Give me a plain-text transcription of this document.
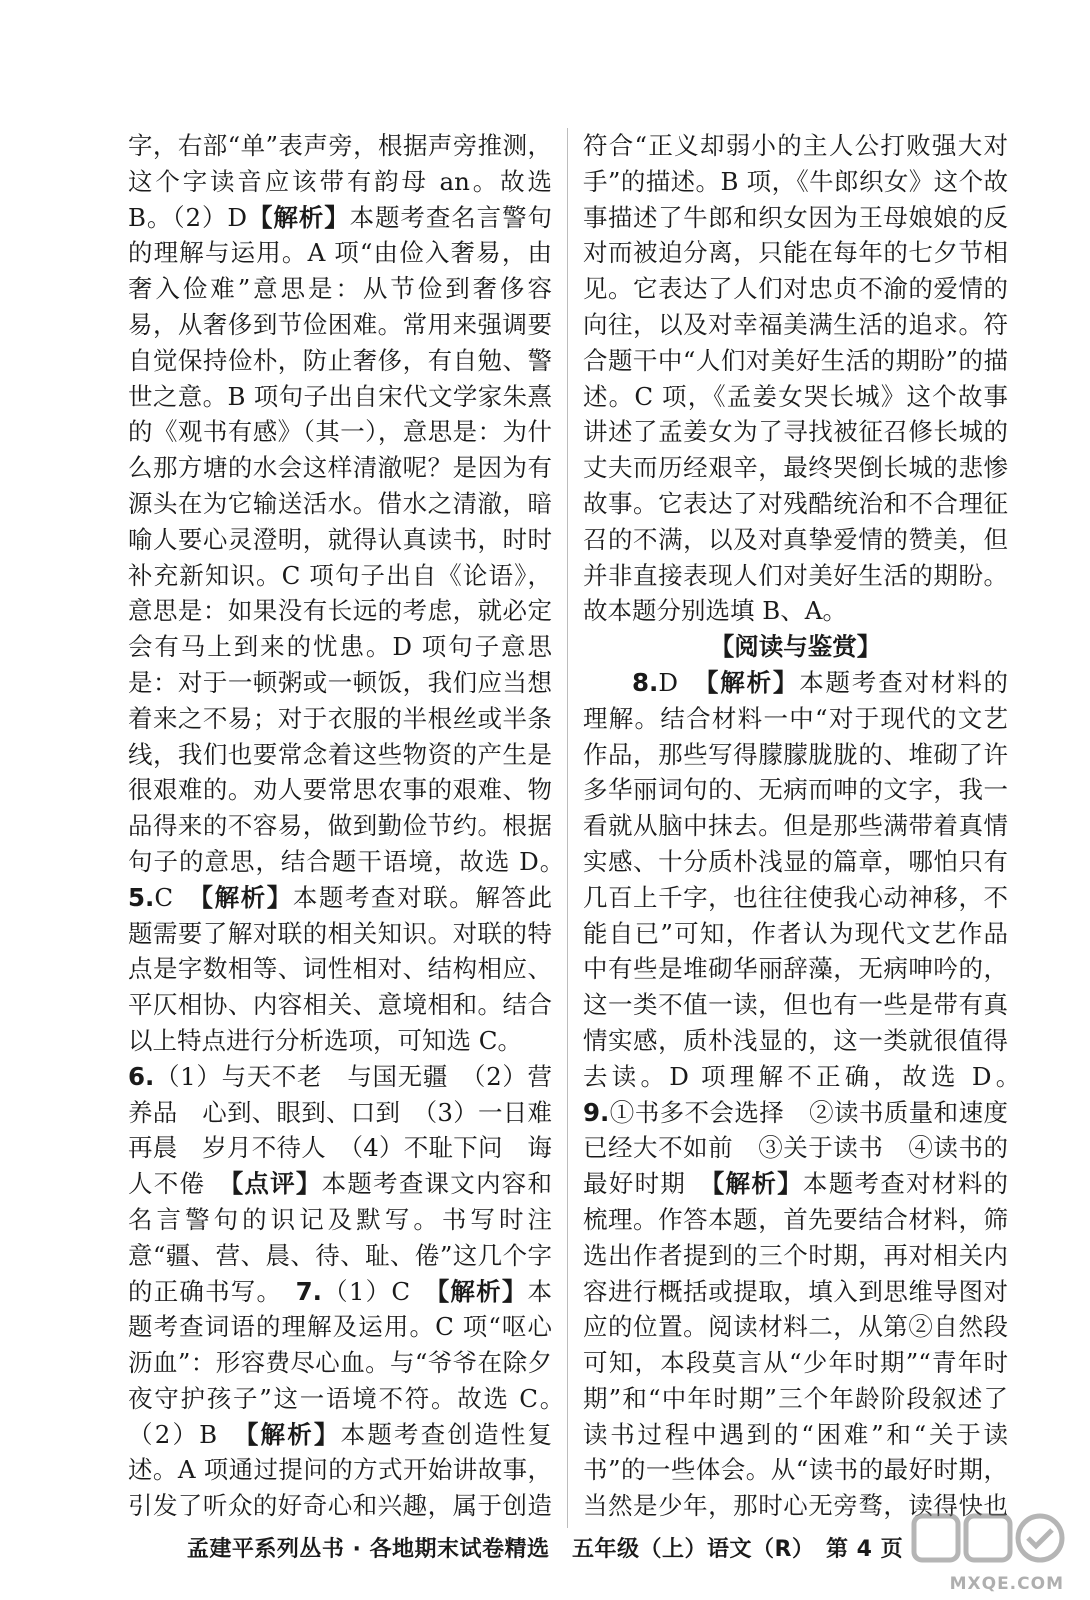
字，右部“单”表声旁，根据声旁推测，这个字读音应该带有韵母 an。故选 B。（2）D【解析】本题考查名言警句的理解与运用。A 项“由俭入奢易，由奢入俭难”意思是：从节俭到奢侈容易，从奢侈到节俭困难。常用来强调要自觉保持俭朴，防止奢侈，有自勉、警世之意。B 项句子出自宋代文学家朱熹的《观书有感》（其一），意思是：为什么那方塘的水会这样清澈呢？是因为有源头在为它输送活水。借水之清澈，暗喻人要心灵澄明，就得认真读书，时时补充新知识。C 项句子出自《论语》，意思是：如果没有长远的考虑，就必定会有马上到来的忧患。D 项句子意思是：对于一顿粥或一顿饭，我们应当想着来之不易；对于衣服的半根丝或半条线，我们也要常念着这些物资的产生是很艰难的。劝人要常思农事的艰难、物品得来的不容易，做到勤俭节约。根据句子的意思，结合题干语境，故选 D。　5.C　 【解析】本题考查对联。解答此题需要了解对联的相关知识。对联的特点是字数相等、词性相对、结构相应、平仄相协、内容相关、意境相和。结合以上特点进行分析选项，可知选 C。

6.（1）与天不老　与国无疆　（2）营养品　心到、眼到、口到　（3）一日难再晨　岁月不待人　（4）不耻下问　诲人不倦　 【点评】本题考查课文内容和名言警句的识记及默写。书写时注意“疆、营、晨、待、耻、倦”这几个字的正确书写。　 7.（1）C　 【解析】本题考查词语的理解及运用。C 项“呕心沥血”：形容费尽心血。与“爷爷在除夕夜守护孩子”这一语境不符。故选 C。　（2）B　 【解析】本题考查创造性复述。A 项通过提问的方式开始讲故事，引发了听众的好奇心和兴趣，属于创造 　　

符合“正义却弱小的主人公打败强大对手”的描述。B 项，《牛郎织女》这个故事描述了牛郎和织女因为王母娘娘的反对而被迫分离，只能在每年的七夕节相见。它表达了人们对忠贞不渝的爱情的向往，以及对幸福美满生活的追求。符合题干中“人们对美好生活的期盼”的描述。C 项，《孟姜女哭长城》这个故事讲述了孟姜女为了寻找被征召修长城的丈夫而历经艰辛，最终哭倒长城的悲惨故事。它表达了对残酷统治和不合理征召的不满，以及对真挚爱情的赞美，但并非直接表现人们对美好生活的期盼。故本题分别选填 B、A。

【阅读与鉴赏】

8.D　 【解析】本题考查对材料的理解。结合材料一中“对于现代的文艺作品，那些写得朦朦胧胧的、堆砌了许多华丽词句的、无病而呻的文字，我一看就从脑中抹去。但是那些满带着真情实感、十分质朴浅显的篇章，哪怕只有几百上千字，也往往使我心动神移，不能自已”可知，作者认为现代文艺作品中有些是堆砌华丽辞藻，无病呻吟的，这一类不值一读，但也有一些是带有真情实感，质朴浅显的，这一类就很值得去读。D 项理解不正确，故选 D。　9.①书多不会选择　②读书质量和速度已经大不如前　③关于读书　④读书的最好时期　 【解析】本题考查对材料的梳理。作答本题，首先要结合材料，筛选出作者提到的三个时期，再对相关内容进行概括或提取，填入到思维导图对应的位置。阅读材料二，从第②自然段可知，本段莫言从“少年时期”“青年时期”和“中年时期”三个年龄阶段叙述了读书过程中遇到的“困难”和“关于读书”的一些体会。从“读书的最好时期，当然是少年，那时心无旁骛，读得快也

孟建平系列丛书 · 各地期末试卷精选　五年级（上）语文（R）　第 4 页
MXQE.COM
